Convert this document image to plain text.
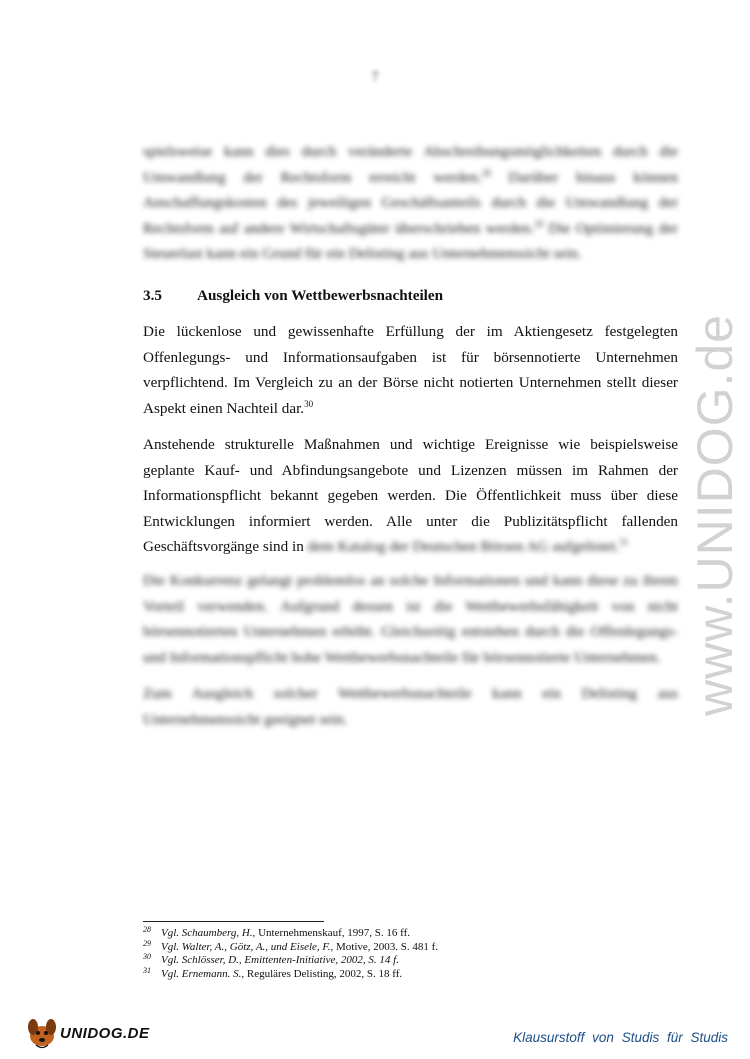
7

spielsweise kann dies durch veränderte Abschreibungsmöglichkeiten durch die Umwandlung der Rechtsform erreicht werden.$^{28}$ Darüber hinaus können Anschaffungskosten des jeweiligen Geschäftsanteils durch die Umwandlung der Rechtsform auf andere Wirtschaftsgüter überschrieben werden.$^{29}$ Die Optimierung der Steuerlast kann ein Grund für ein Delisting aus Unternehmenssicht sein.

3.5 Ausgleich von Wettbewerbsnachteilen

Die lückenlose und gewissenhafte Erfüllung der im Aktiengesetz festgelegten Offenlegungs- und Informationsaufgaben ist für börsennotierte Unternehmen verpflichtend. Im Vergleich zu an der Börse nicht notierten Unternehmen stellt dieser Aspekt einen Nachteil dar.$^{30}$

Anstehende strukturelle Maßnahmen und wichtige Ereignisse wie beispielsweise geplante Kauf- und Abfindungsangebote und Lizenzen müssen im Rahmen der Informationspflicht bekannt gegeben werden. Die Öffentlichkeit muss über diese Entwicklungen informiert werden. Alle unter die Publizitätspflicht fallenden Geschäftsvorgänge sind in dem Katalog der Deutschen Börsen AG aufgelistet.$^{31}$

Die Konkurrenz gelangt problemlos an solche Informationen und kann diese zu ihrem Vorteil verwenden. Aufgrund dessen ist die Wettbewerbsfähigkeit von nicht börsennotierten Unternehmen erhöht. Gleichzeitig entstehen durch die Offenlegungs- und Informationspflicht hohe Wettbewerbsnachteile für börsennotierte Unternehmen.

Zum Ausgleich solcher Wettbewerbsnachteile kann ein Delisting aus Unternehmenssicht geeignet sein.

$^{28}$ Vgl. Schaumberg, H., Unternehmenskauf, 1997, S. 16 ff.
$^{29}$ Vgl. Walter, A., Götz, A., und Eisele, F., Motive, 2003. S. 481 f.
$^{30}$ Vgl. Schlösser, D., Emittenten-Initiative, 2002, S. 14 f.
$^{31}$ Vgl. Ernemann. S., Reguläres Delisting, 2002, S. 18 ff.
www.UNIDOG.de
UNIDOG.DE	Klausurstoff von Studis für Studis
